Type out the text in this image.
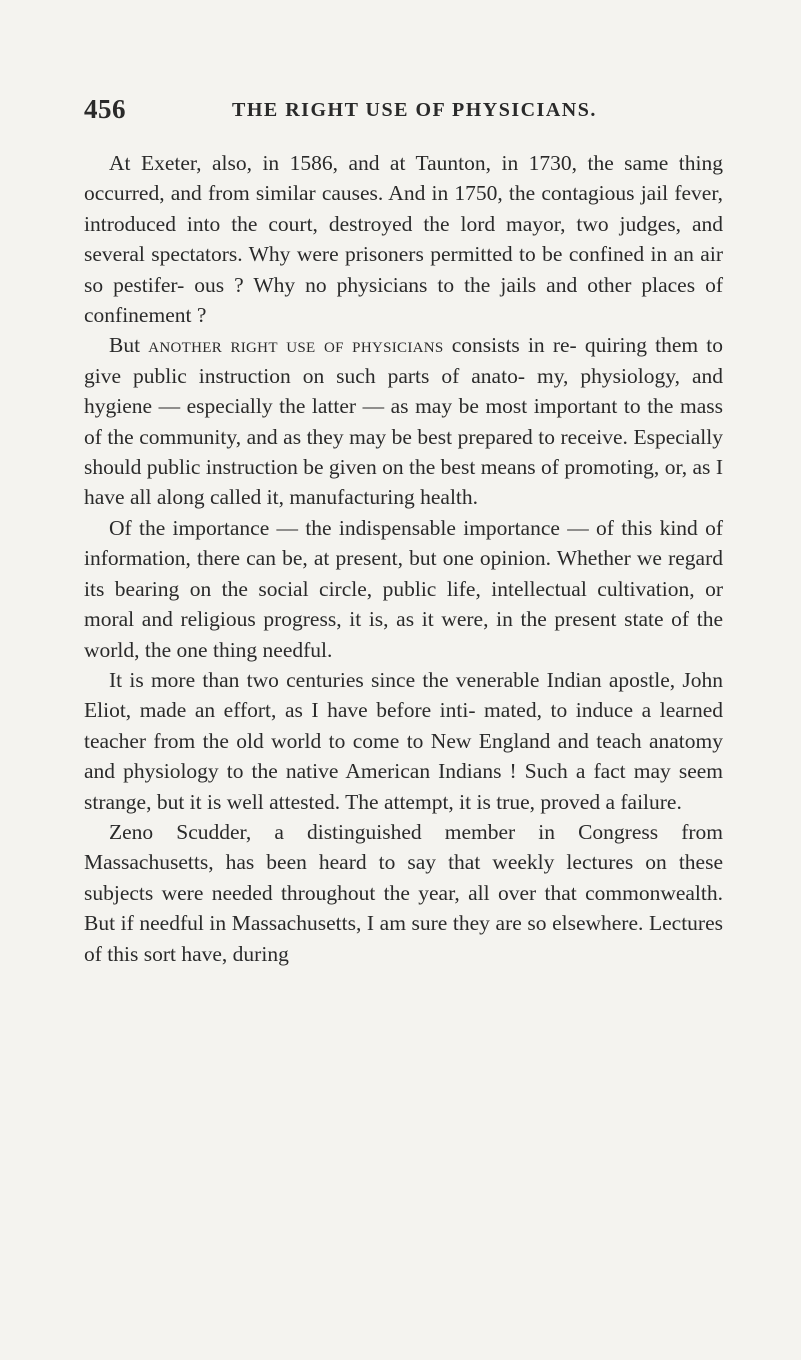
456	THE RIGHT USE OF PHYSICIANS.

At Exeter, also, in 1586, and at Taunton, in 1730, the same thing occurred, and from similar causes. And in 1750, the contagious jail fever, introduced into the court, destroyed the lord mayor, two judges, and several spectators. Why were prisoners permitted to be confined in an air so pestifer- ous ? Why no physicians to the jails and other places of confinement ?

But another right use of physicians consists in re- quiring them to give public instruction on such parts of anato- my, physiology, and hygiene — especially the latter — as may be most important to the mass of the community, and as they may be best prepared to receive. Especially should public instruction be given on the best means of promoting, or, as I have all along called it, manufacturing health.

Of the importance — the indispensable importance — of this kind of information, there can be, at present, but one opinion. Whether we regard its bearing on the social circle, public life, intellectual cultivation, or moral and religious progress, it is, as it were, in the present state of the world, the one thing needful.

It is more than two centuries since the venerable Indian apostle, John Eliot, made an effort, as I have before inti- mated, to induce a learned teacher from the old world to come to New England and teach anatomy and physiology to the native American Indians ! Such a fact may seem strange, but it is well attested. The attempt, it is true, proved a failure.

Zeno Scudder, a distinguished member in Congress from Massachusetts, has been heard to say that weekly lectures on these subjects were needed throughout the year, all over that commonwealth. But if needful in Massachusetts, I am sure they are so elsewhere. Lectures of this sort have, during
